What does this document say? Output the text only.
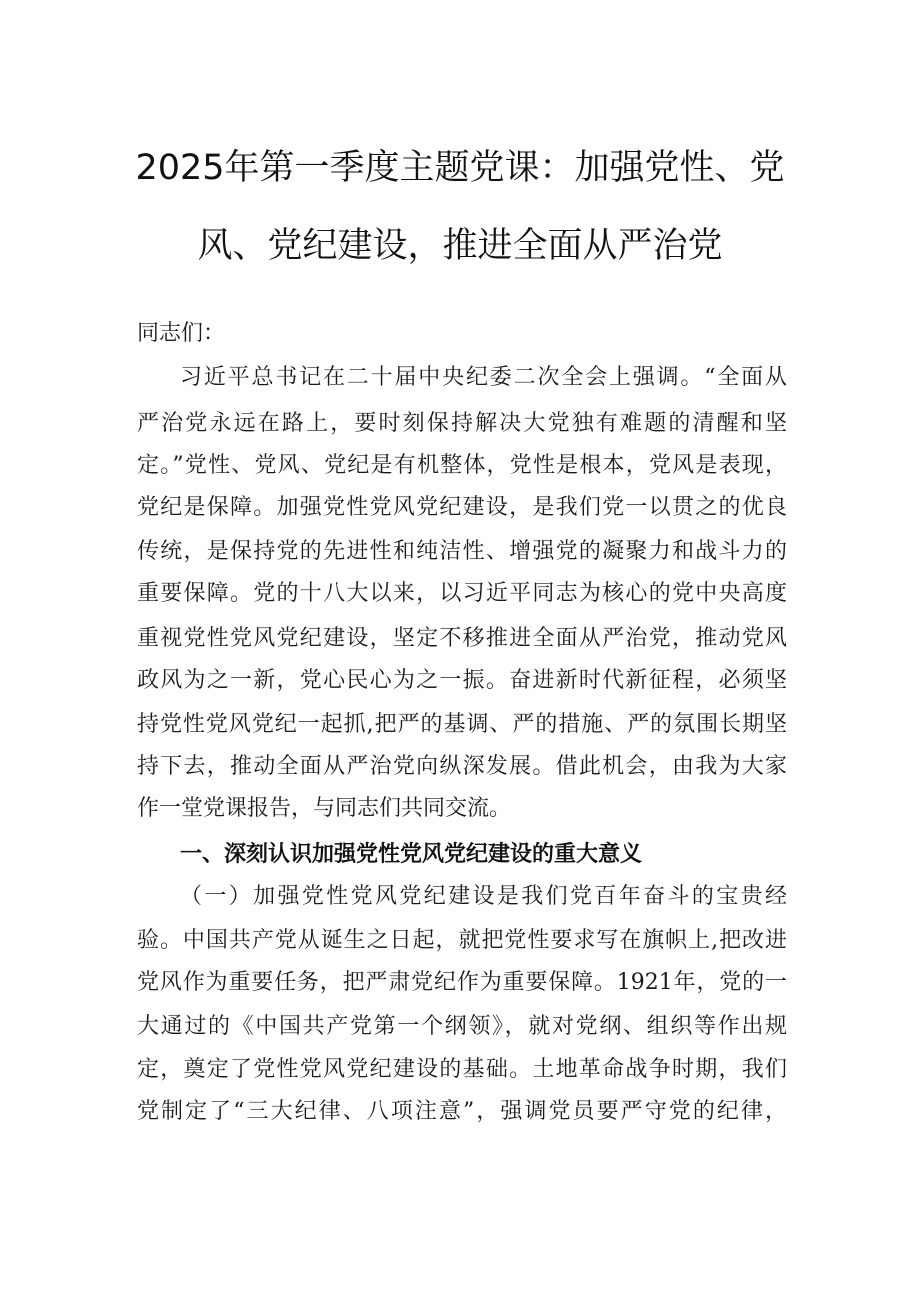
2025年第一季度主题党课：加强党性、党
风、党纪建设，推进全面从严治党

同志们：

习近平总书记在二十届中央纪委二次全会上强调。“全面从

严治党永远在路上，要时刻保持解决大党独有难题的清醒和坚

定。”党性、党风、党纪是有机整体，党性是根本，党风是表现，

党纪是保障。加强党性党风党纪建设，是我们党一以贯之的优良

传统，是保持党的先进性和纯洁性、增强党的凝聚力和战斗力的

重要保障。党的十八大以来，以习近平同志为核心的党中央高度

重视党性党风党纪建设，坚定不移推进全面从严治党，推动党风

政风为之一新，党心民心为之一振。奋进新时代新征程，必须坚

持党性党风党纪一起抓,把严的基调、严的措施、严的氛围长期坚

持下去，推动全面从严治党向纵深发展。借此机会，由我为大家

作一堂党课报告，与同志们共同交流。

一、深刻认识加强党性党风党纪建设的重大意义

（一）加强党性党风党纪建设是我们党百年奋斗的宝贵经

验。中国共产党从诞生之日起，就把党性要求写在旗帜上,把改进

党风作为重要任务，把严肃党纪作为重要保障。1921年，党的一

大通过的《中国共产党第一个纲领》，就对党纲、组织等作出规

定，奠定了党性党风党纪建设的基础。土地革命战争时期，我们

党制定了“三大纪律、八项注意”，强调党员要严守党的纪律，
